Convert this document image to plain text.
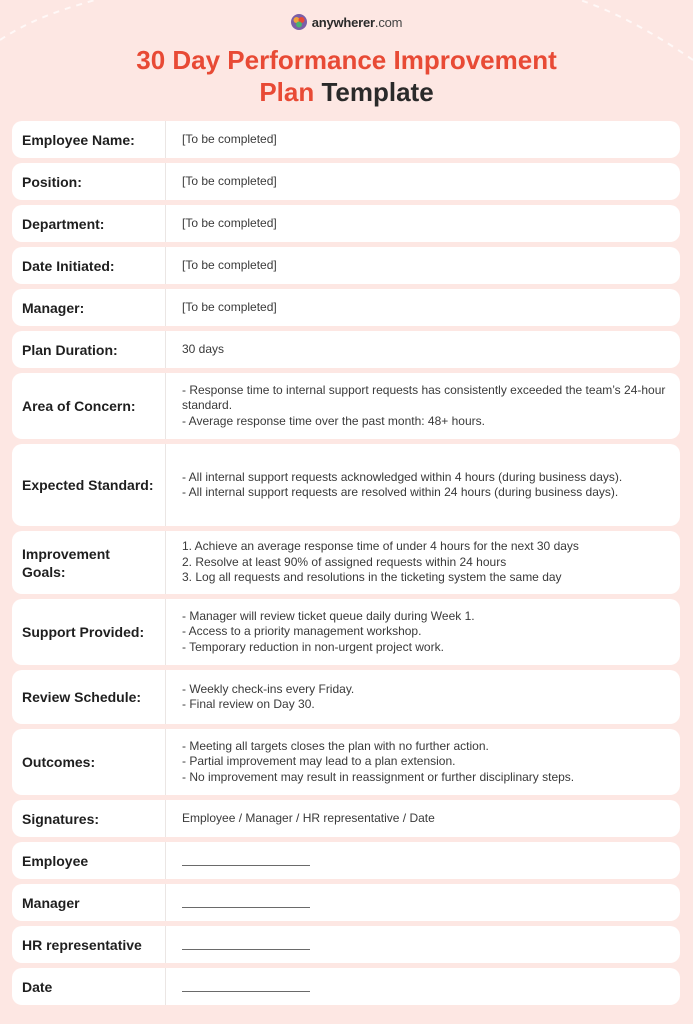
anywherer.com
30 Day Performance Improvement
Plan Template
Employee Name:	[To be completed]
Position:	[To be completed]
Department:	[To be completed]
Date Initiated:	[To be completed]
Manager:	[To be completed]
Plan Duration:	30 days
Area of Concern:
- Response time to internal support requests has consistently exceeded the team’s 24-hour standard.
- Average response time over the past month: 48+ hours.
Expected Standard:
- All internal support requests acknowledged within 4 hours (during business days).
- All internal support requests are resolved within 24 hours (during business days).
Improvement Goals:
1. Achieve an average response time of under 4 hours for the next 30 days
2. Resolve at least 90% of assigned requests within 24 hours
3. Log all requests and resolutions in the ticketing system the same day
Support Provided:
- Manager will review ticket queue daily during Week 1.
- Access to a priority management workshop.
- Temporary reduction in non-urgent project work.
Review Schedule:
- Weekly check-ins every Friday.
- Final review on Day 30.
Outcomes:
- Meeting all targets closes the plan with no further action.
- Partial improvement may lead to a plan extension.
- No improvement may result in reassignment or further disciplinary steps.
Signatures:	Employee / Manager / HR representative / Date
Employee
Manager
HR representative
Date
